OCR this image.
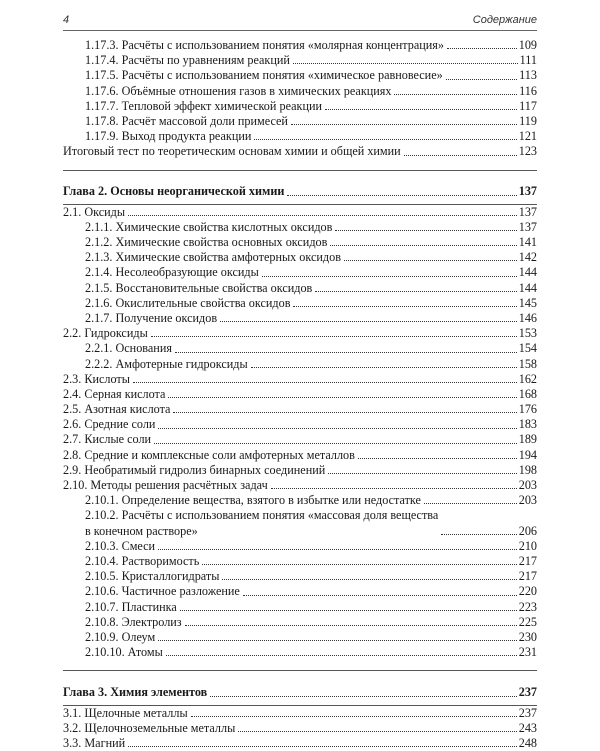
4	Содержание
1.17.3. Расчёты с использованием понятия «молярная концентрация»	109
1.17.4. Расчёты по уравнениям реакций	111
1.17.5. Расчёты с использованием понятия «химическое равновесие»	113
1.17.6. Объёмные отношения газов в химических реакциях	116
1.17.7. Тепловой эффект химической реакции	117
1.17.8. Расчёт массовой доли примесей	119
1.17.9. Выход продукта реакции	121
Итоговый тест по теоретическим основам химии и общей химии	123
Глава 2. Основы неорганической химии	137
2.1. Оксиды	137
2.1.1. Химические свойства кислотных оксидов	137
2.1.2. Химические свойства основных оксидов	141
2.1.3. Химические свойства амфотерных оксидов	142
2.1.4. Несолеобразующие оксиды	144
2.1.5. Восстановительные свойства оксидов	144
2.1.6. Окислительные свойства оксидов	145
2.1.7. Получение оксидов	146
2.2. Гидроксиды	153
2.2.1. Основания	154
2.2.2. Амфотерные гидроксиды	158
2.3. Кислоты	162
2.4. Серная кислота	168
2.5. Азотная кислота	176
2.6. Средние соли	183
2.7. Кислые соли	189
2.8. Средние и комплексные соли амфотерных металлов	194
2.9. Необратимый гидролиз бинарных соединений	198
2.10. Методы решения расчётных задач	203
2.10.1. Определение вещества, взятого в избытке или недостатке	203
2.10.2. Расчёты с использованием понятия «массовая доля вещества
в конечном растворе»	206
2.10.3. Смеси	210
2.10.4. Растворимость	217
2.10.5. Кристаллогидраты	217
2.10.6. Частичное разложение	220
2.10.7. Пластинка	223
2.10.8. Электролиз	225
2.10.9. Олеум	230
2.10.10. Атомы	231
Глава 3. Химия элементов	237
3.1. Щелочные металлы	237
3.2. Щелочноземельные металлы	243
3.3. Магний	248
